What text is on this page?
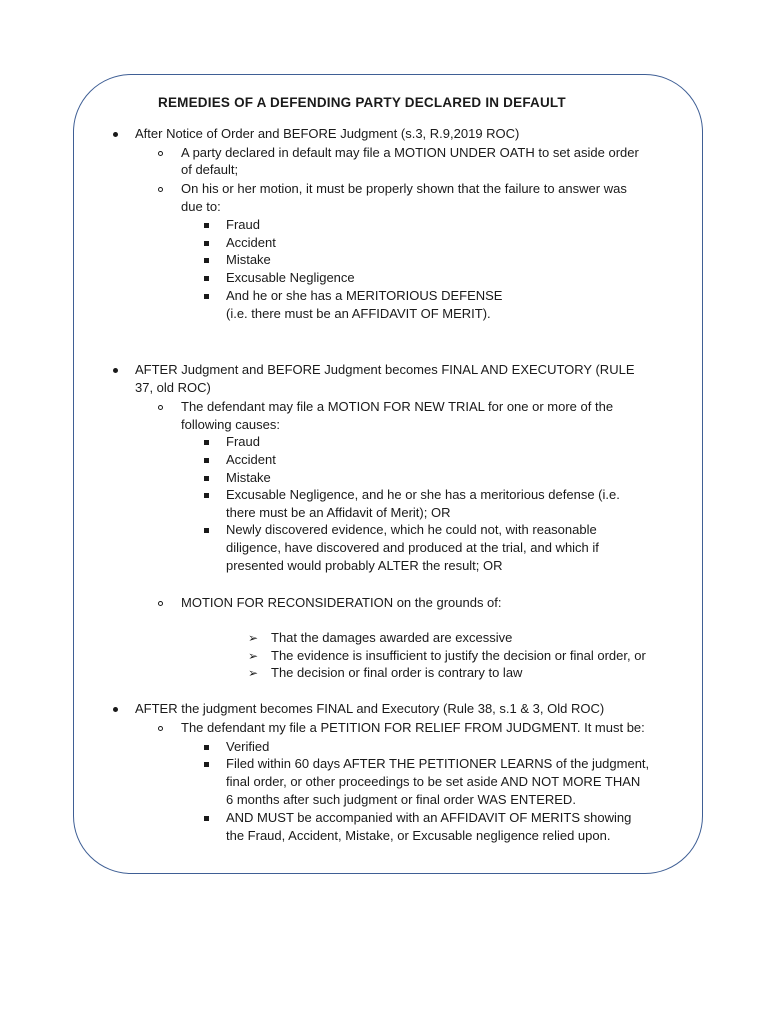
REMEDIES OF A DEFENDING PARTY DECLARED IN DEFAULT
After Notice of Order and BEFORE Judgment (s.3, R.9,2019 ROC)
A party declared in default may file a MOTION UNDER OATH to set aside order
of default;
On his or her motion, it must be properly shown that the failure to answer was
due to:
Fraud
Accident
Mistake
Excusable Negligence
And he or she has a MERITORIOUS DEFENSE
(i.e. there must be an AFFIDAVIT OF MERIT).
AFTER Judgment and BEFORE Judgment becomes FINAL AND EXECUTORY (RULE
37, old ROC)
The defendant may file a MOTION FOR NEW TRIAL for one or more of the
following causes:
Fraud
Accident
Mistake
Excusable Negligence, and he or she has a meritorious defense (i.e.
there must be an Affidavit of Merit); OR
Newly discovered evidence, which he could not, with reasonable
diligence, have discovered and produced at the trial, and which if
presented would probably ALTER the result; OR
MOTION FOR RECONSIDERATION on the grounds of:
➢ That the damages awarded are excessive
➢ The evidence is insufficient to justify the decision or final order, or
➢ The decision or final order is contrary to law
AFTER the judgment becomes FINAL and Executory (Rule 38, s.1 & 3, Old ROC)
The defendant my file a PETITION FOR RELIEF FROM JUDGMENT. It must be:
Verified
Filed within 60 days AFTER THE PETITIONER LEARNS of the judgment,
final order, or other proceedings to be set aside AND NOT MORE THAN
6 months after such judgment or final order WAS ENTERED.
AND MUST be accompanied with an AFFIDAVIT OF MERITS showing
the Fraud, Accident, Mistake, or Excusable negligence relied upon.
